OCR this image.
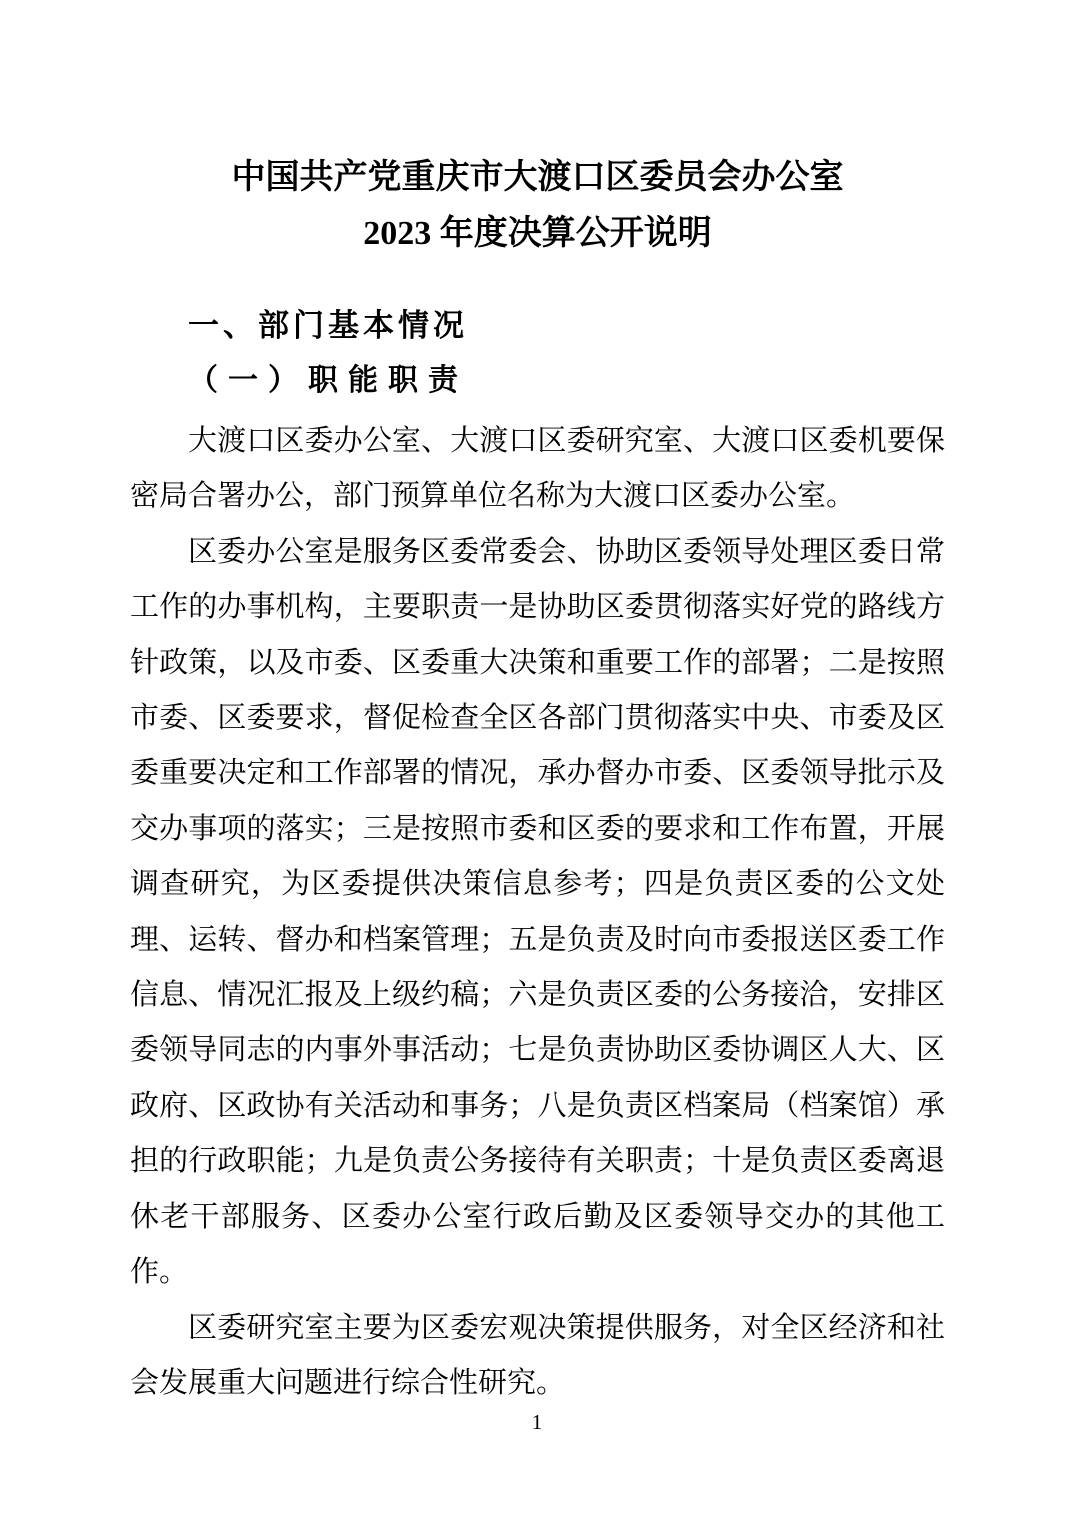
中国共产党重庆市大渡口区委员会办公室
2023 年度决算公开说明
一、部门基本情况
（一）职能职责

大渡口区委办公室、大渡口区委研究室、大渡口区委机要保密局合署办公，部门预算单位名称为大渡口区委办公室。

区委办公室是服务区委常委会、协助区委领导处理区委日常工作的办事机构，主要职责一是协助区委贯彻落实好党的路线方针政策，以及市委、区委重大决策和重要工作的部署；二是按照市委、区委要求，督促检查全区各部门贯彻落实中央、市委及区委重要决定和工作部署的情况，承办督办市委、区委领导批示及交办事项的落实；三是按照市委和区委的要求和工作布置，开展调查研究，为区委提供决策信息参考；四是负责区委的公文处理、运转、督办和档案管理；五是负责及时向市委报送区委工作信息、情况汇报及上级约稿；六是负责区委的公务接洽，安排区委领导同志的内事外事活动；七是负责协助区委协调区人大、区政府、区政协有关活动和事务；八是负责区档案局（档案馆）承担的行政职能；九是负责公务接待有关职责；十是负责区委离退休老干部服务、区委办公室行政后勤及区委领导交办的其他工作。

区委研究室主要为区委宏观决策提供服务，对全区经济和社会发展重大问题进行综合性研究。

1
